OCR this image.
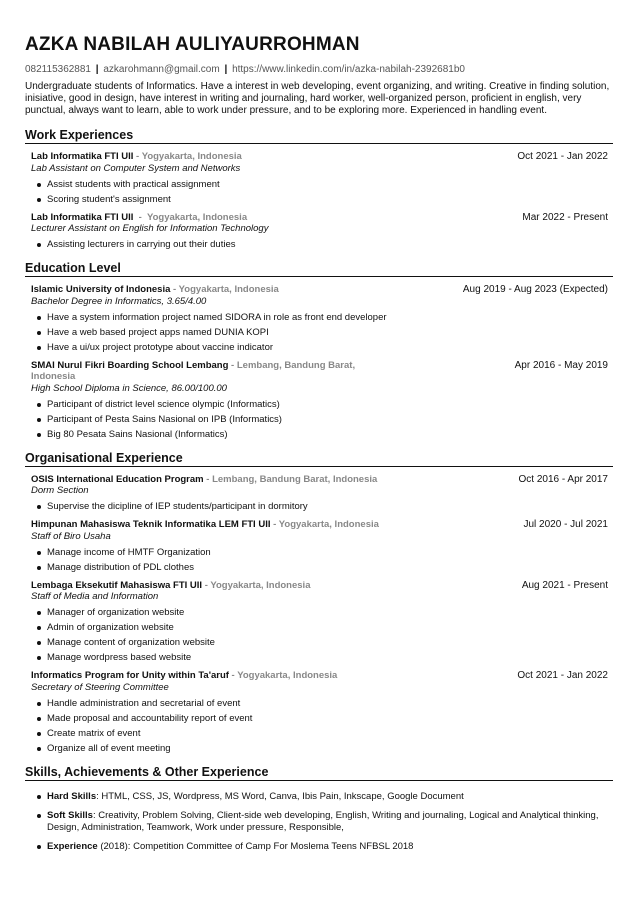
AZKA NABILAH AULIYAURROHMAN
082115362881 | azkarohmann@gmail.com | https://www.linkedin.com/in/azka-nabilah-2392681b0
Undergraduate students of Informatics. Have a interest in web developing, event organizing, and writing. Creative in finding solution, inisiative, good in design, have interest in writing and journaling, hard worker, well-organized person, proficient in english, very punctual, always want to learn, able to work under pressure, and to be exploring more. Experienced in handling event.
Work Experiences
Lab Informatika FTI UII - Yogyakarta, Indonesia	Oct 2021 - Jan 2022
Lab Assistant on Computer System and Networks
Assist students with practical assignment
Scoring student's assignment
Lab Informatika FTI UII  -  Yogyakarta, Indonesia	Mar 2022 - Present
Lecturer Assistant on English for Information Technology
Assisting lecturers in carrying out their duties
Education Level
Islamic University of Indonesia - Yogyakarta, Indonesia	Aug 2019 - Aug 2023 (Expected)
Bachelor Degree in Informatics, 3.65/4.00
Have a system information project named SIDORA in role as front end developer
Have a web based project apps named DUNIA KOPI
Have a ui/ux project prototype about vaccine indicator
SMAI Nurul Fikri Boarding School Lembang - Lembang, Bandung Barat, Indonesia
Apr 2016 - May 2019
High School Diploma in Science, 86.00/100.00
Participant of district level science olympic (Informatics)
Participant of Pesta Sains Nasional on IPB (Informatics)
Big 80 Pesata Sains Nasional (Informatics)
Organisational Experience
OSIS International Education Program - Lembang, Bandung Barat, Indonesia	Oct 2016 - Apr 2017
Dorm Section
Supervise the dicipline of IEP students/participant in dormitory
Himpunan Mahasiswa Teknik Informatika LEM FTI UII - Yogyakarta, Indonesia	Jul 2020 - Jul 2021
Staff of Biro Usaha
Manage income of HMTF Organization
Manage distribution of PDL clothes
Lembaga Eksekutif Mahasiswa FTI UII - Yogyakarta, Indonesia	Aug 2021 - Present
Staff of Media and Information
Manager of organization website
Admin of organization website
Manage content of organization website
Manage wordpress based website
Informatics Program for Unity within Ta'aruf - Yogyakarta, Indonesia	Oct 2021 - Jan 2022
Secretary of Steering Committee
Handle administration and secretarial of event
Made proposal and accountability report of event
Create matrix of event
Organize all of event meeting
Skills, Achievements & Other Experience
Hard Skills: HTML, CSS, JS, Wordpress, MS Word, Canva, Ibis Pain, Inkscape, Google Document
Soft Skills: Creativity, Problem Solving, Client-side web developing, English, Writing and journaling, Logical and Analytical thinking, Design, Administration, Teamwork, Work under pressure, Responsible,
Experience (2018): Competition Committee of Camp For Moslema Teens NFBSL 2018
